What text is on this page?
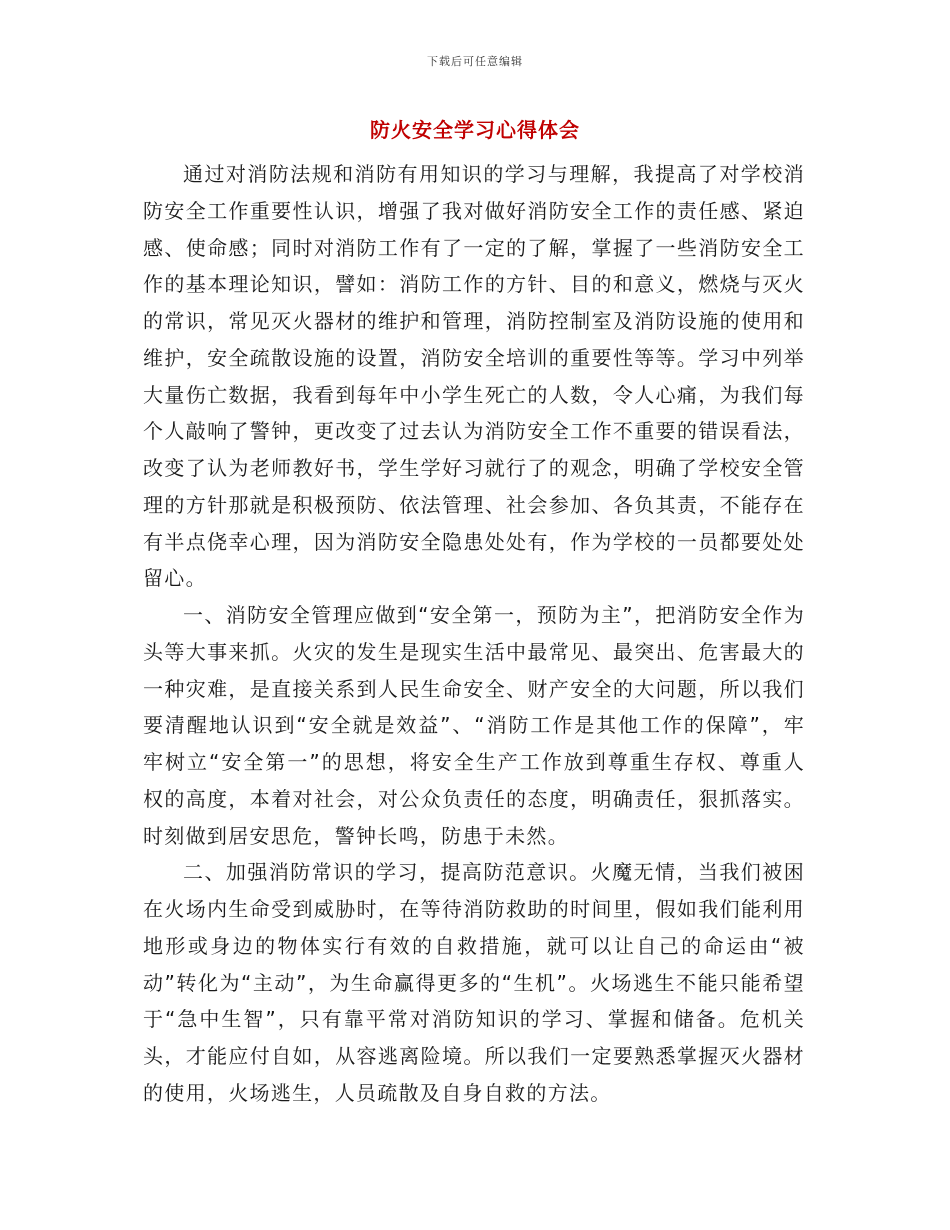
下载后可任意编辑
防火安全学习心得体会

通过对消防法规和消防有用知识的学习与理解，我提高了对学校消防安全工作重要性认识，增强了我对做好消防安全工作的责任感、紧迫感、使命感；同时对消防工作有了一定的了解，掌握了一些消防安全工作的基本理论知识，譬如：消防工作的方针、目的和意义，燃烧与灭火的常识，常见灭火器材的维护和管理，消防控制室及消防设施的使用和维护，安全疏散设施的设置，消防安全培训的重要性等等。学习中列举大量伤亡数据，我看到每年中小学生死亡的人数，令人心痛，为我们每个人敲响了警钟，更改变了过去认为消防安全工作不重要的错误看法，改变了认为老师教好书，学生学好习就行了的观念，明确了学校安全管理的方针那就是积极预防、依法管理、社会参加、各负其责，不能存在有半点侥幸心理，因为消防安全隐患处处有，作为学校的一员都要处处留心。

一、消防安全管理应做到“安全第一，预防为主”，把消防安全作为头等大事来抓。火灾的发生是现实生活中最常见、最突出、危害最大的一种灾难，是直接关系到人民生命安全、财产安全的大问题，所以我们要清醒地认识到“安全就是效益”、“消防工作是其他工作的保障”，牢牢树立“安全第一”的思想，将安全生产工作放到尊重生存权、尊重人权的高度，本着对社会，对公众负责任的态度，明确责任，狠抓落实。时刻做到居安思危，警钟长鸣，防患于未然。

二、加强消防常识的学习，提高防范意识。火魔无情，当我们被困在火场内生命受到威胁时，在等待消防救助的时间里，假如我们能利用地形或身边的物体实行有效的自救措施，就可以让自己的命运由“被动”转化为“主动”，为生命赢得更多的“生机”。火场逃生不能只能希望于“急中生智”，只有靠平常对消防知识的学习、掌握和储备。危机关头，才能应付自如，从容逃离险境。所以我们一定要熟悉掌握灭火器材的使用，火场逃生，人员疏散及自身自救的方法。
